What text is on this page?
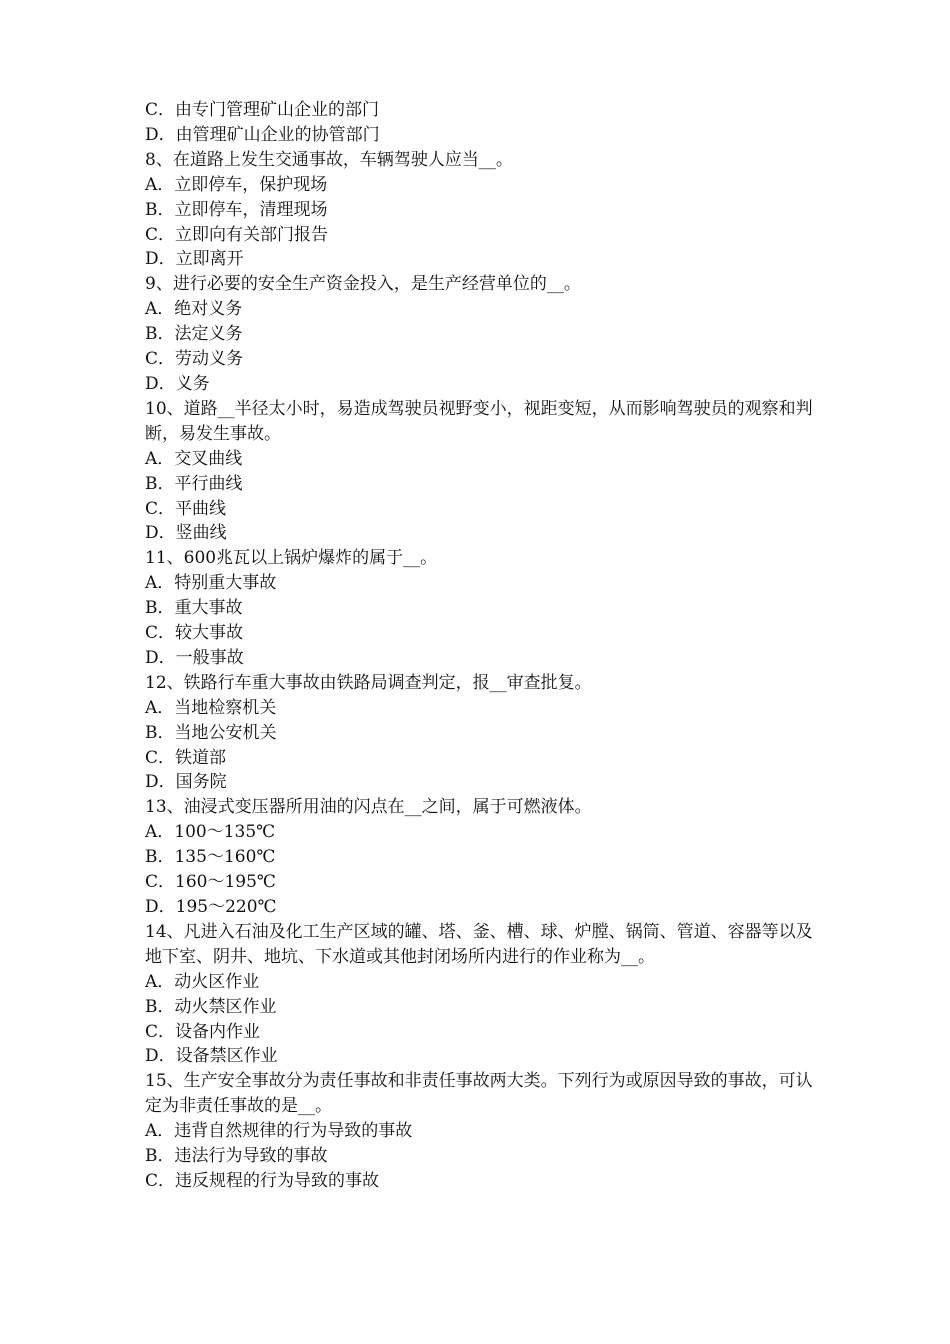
C．由专门管理矿山企业的部门

D．由管理矿山企业的协管部门

8、在道路上发生交通事故，车辆驾驶人应当__。

A．立即停车，保护现场

B．立即停车，清理现场

C．立即向有关部门报告

D．立即离开

9、进行必要的安全生产资金投入，是生产经营单位的__。

A．绝对义务

B．法定义务

C．劳动义务

D．义务

10、道路__半径太小时，易造成驾驶员视野变小，视距变短，从而影响驾驶员的观察和判断，易发生事故。

A．交叉曲线

B．平行曲线

C．平曲线

D．竖曲线

11、600兆瓦以上锅炉爆炸的属于__。

A．特别重大事故

B．重大事故

C．较大事故

D．一般事故

12、铁路行车重大事故由铁路局调查判定，报__审查批复。

A．当地检察机关

B．当地公安机关

C．铁道部

D．国务院

13、油浸式变压器所用油的闪点在__之间，属于可燃液体。

A．100～135℃

B．135～160℃

C．160～195℃

D．195～220℃

14、凡进入石油及化工生产区域的罐、塔、釜、槽、球、炉膛、锅筒、管道、容器等以及地下室、阴井、地坑、下水道或其他封闭场所内进行的作业称为__。

A．动火区作业

B．动火禁区作业

C．设备内作业

D．设备禁区作业

15、生产安全事故分为责任事故和非责任事故两大类。下列行为或原因导致的事故，可认定为非责任事故的是__。

A．违背自然规律的行为导致的事故

B．违法行为导致的事故

C．违反规程的行为导致的事故
